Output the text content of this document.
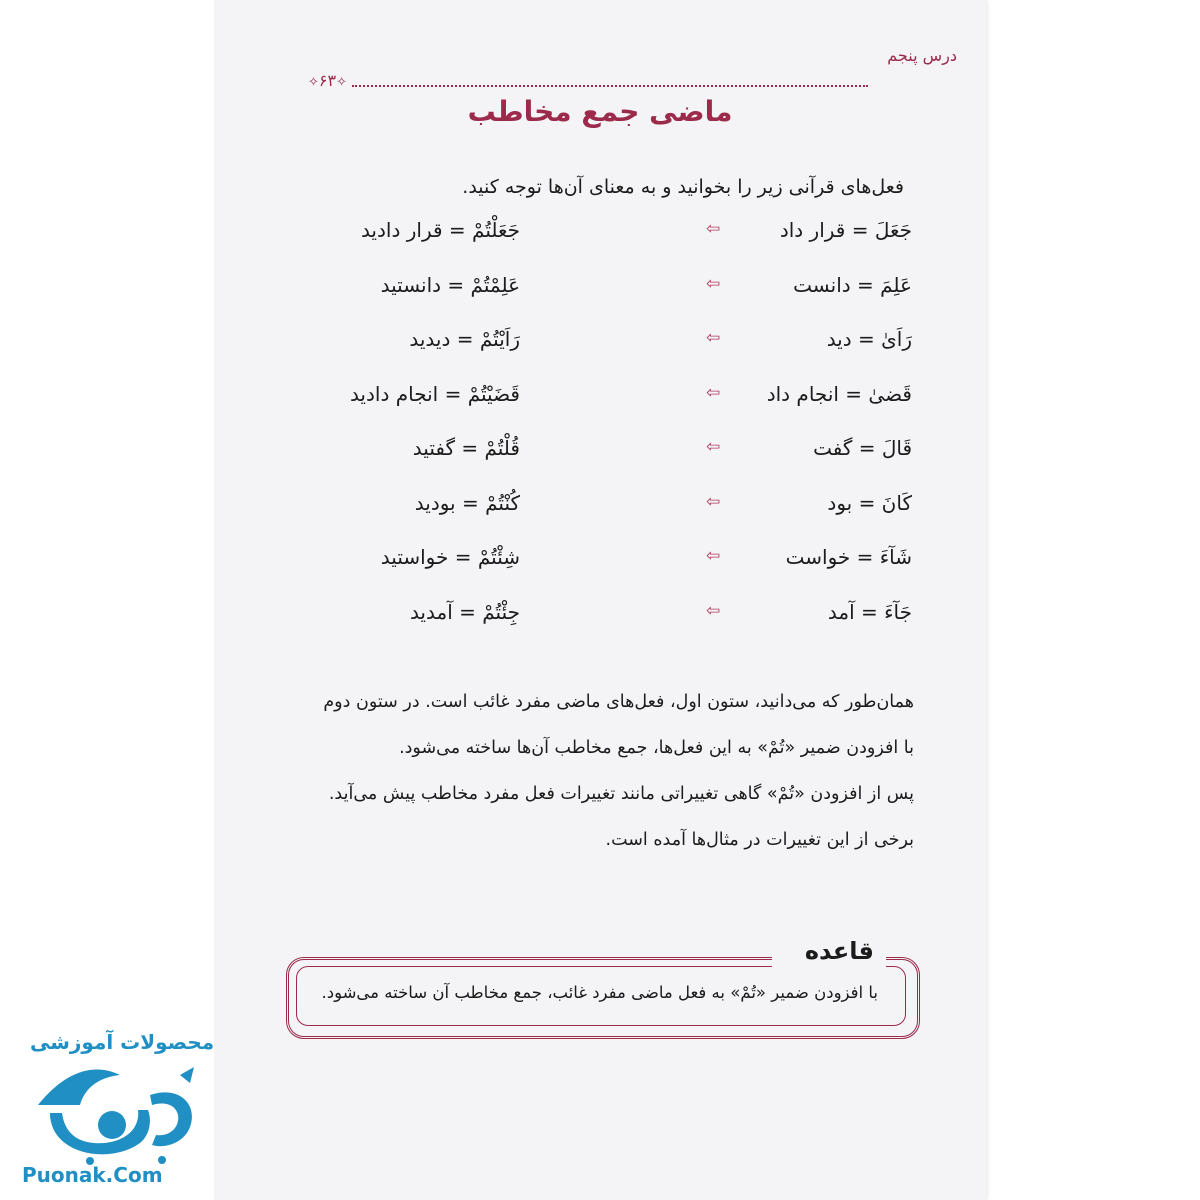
درس پنجم
✧۶۳✧
ماضی جمع مخاطب
فعل‌های قرآنی زیر را بخوانید و به معنای آن‌ها توجه کنید.
جَعَلَ = قرار داد
⇦
جَعَلْتُمْ = قرار دادید
عَلِمَ = دانست
⇦
عَلِمْتُمْ = دانستید
رَاَىٰ = دید
⇦
رَاَيْتُمْ = دیدید
قَضىٰ = انجام داد
⇦
قَضَيْتُمْ = انجام دادید
قَالَ = گفت
⇦
قُلْتُمْ = گفتید
کَانَ = بود
⇦
كُنْتُمْ = بودید
شَآءَ = خواست
⇦
شِئْتُمْ = خواستید
جَآءَ = آمد
⇦
جِئْتُمْ = آمدید
همان‌طور که می‌دانید، ستون اول، فعل‌های ماضی مفرد غائب است. در ستون دوم
با افزودن ضمیر «تُمْ» به این فعل‌ها، جمع مخاطب آن‌ها ساخته می‌شود.
پس از افزودن «تُمْ» گاهی تغییراتی مانند تغییرات فعل مفرد مخاطب پیش می‌آید.
برخی از این تغییرات در مثال‌ها آمده است.
قاعده
با افزودن ضمیر «تُمْ» به فعل ماضی مفرد غائب، جمع مخاطب آن ساخته می‌شود.
محصولات آموزشی
Puonak.Com
